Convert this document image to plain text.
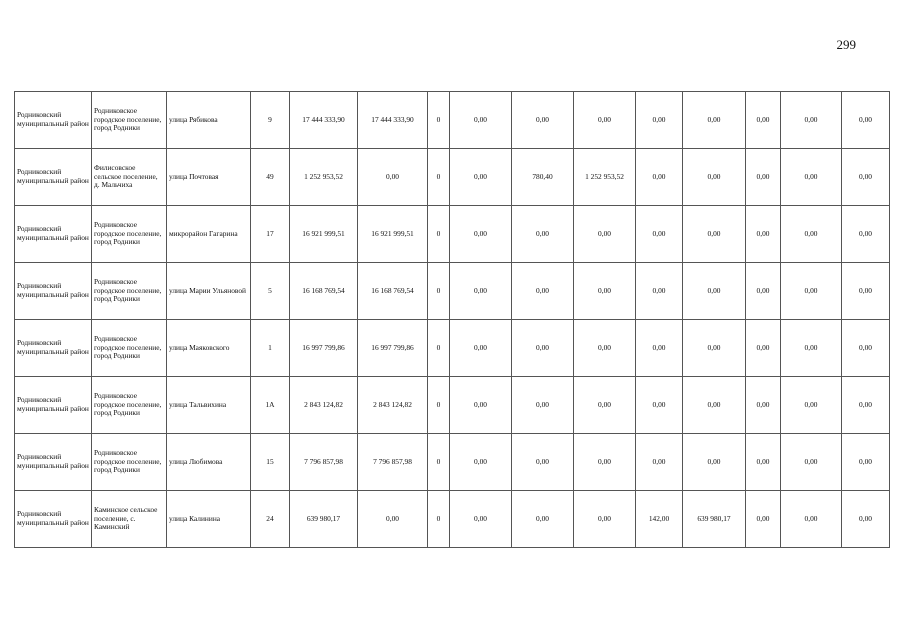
299
Родниковский муниципальный район	Родниковское городское поселение, город Родники	улица Рябикова	9	17 444 333,90	17 444 333,90	0	0,00	0,00	0,00	0,00	0,00	0,00	0,00	0,00
Родниковский муниципальный район	Филисовское сельское поселение, д. Мальчиха	улица Почтовая	49	1 252 953,52	0,00	0	0,00	780,40	1 252 953,52	0,00	0,00	0,00	0,00	0,00
Родниковский муниципальный район	Родниковское городское поселение, город Родники	микрорайон Гагарина	17	16 921 999,51	16 921 999,51	0	0,00	0,00	0,00	0,00	0,00	0,00	0,00	0,00
Родниковский муниципальный район	Родниковское городское поселение, город Родники	улица Марии Ульяновой	5	16 168 769,54	16 168 769,54	0	0,00	0,00	0,00	0,00	0,00	0,00	0,00	0,00
Родниковский муниципальный район	Родниковское городское поселение, город Родники	улица Маяковского	1	16 997 799,86	16 997 799,86	0	0,00	0,00	0,00	0,00	0,00	0,00	0,00	0,00
Родниковский муниципальный район	Родниковское городское поселение, город Родники	улица Тальвихина	1А	2 843 124,82	2 843 124,82	0	0,00	0,00	0,00	0,00	0,00	0,00	0,00	0,00
Родниковский муниципальный район	Родниковское городское поселение, город Родники	улица Любимова	15	7 796 857,98	7 796 857,98	0	0,00	0,00	0,00	0,00	0,00	0,00	0,00	0,00
Родниковский муниципальный район	Каминское сельское поселение, с. Каминский	улица Калинина	24	639 980,17	0,00	0	0,00	0,00	0,00	142,00	639 980,17	0,00	0,00	0,00
